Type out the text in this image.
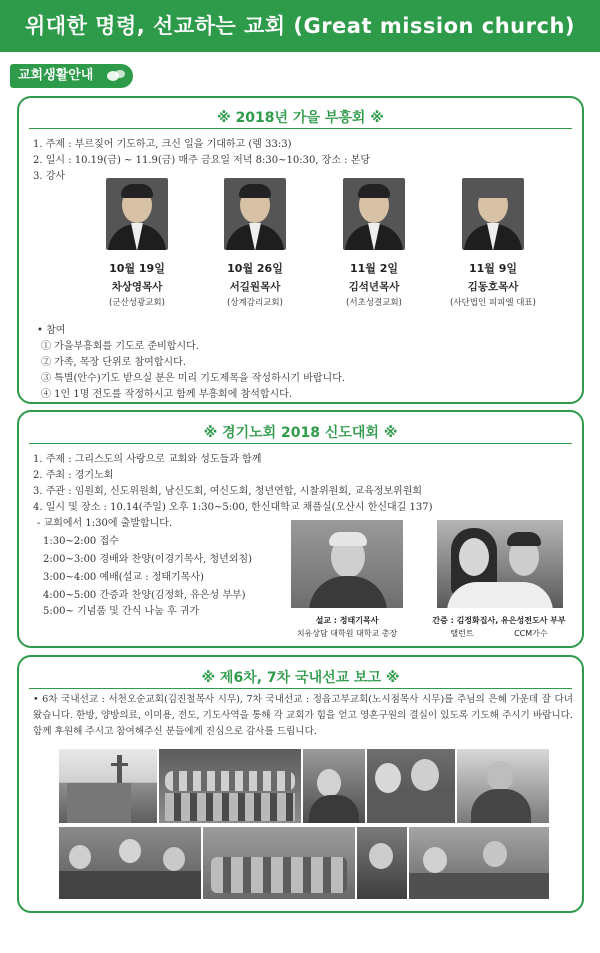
위대한 명령, 선교하는 교회 (Great mission church)
교회생활안내
※ 2018년 가을 부흥회 ※
1. 주제 : 부르짖어 기도하고, 크신 일을 기대하고 (렘 33:3)
2. 일시 : 10.19(금) ~ 11.9(금) 매주 금요일 저녁 8:30~10:30, 장소 : 본당
3. 강사
10월 19일
차상영목사
(군산성광교회)
10월 26일
서길원목사
(상계감리교회)
11월 2일
김석년목사
(서초성결교회)
11월 9일
김동호목사
(사단법인 피피엘 대표)
• 참여
① 가을부흥회를 기도로 준비합시다.
② 가족, 목장 단위로 참여합시다.
③ 특별(안수)기도 받으실 분은 미리 기도제목을 작성하시기 바랍니다.
④ 1인 1명 전도를 작정하시고 함께 부흥회에 참석합시다.
※ 경기노회 2018 신도대회 ※
1. 주제 : 그리스도의 사랑으로 교회와 성도들과 함께
2. 주최 : 경기노회
3. 주관 : 임원회, 신도위원회, 남신도회, 여신도회, 청년연합, 시찰위원회, 교육정보위원회
4. 일시 및 장소 : 10.14(주일) 오후 1:30~5:00, 한신대학교 채플실(오산시 한신대길 137)
- 교회에서 1:30에 출발합니다.
1:30~2:00 접수
2:00~3:00 경배와 찬양(이경기목사, 청년외침)
3:00~4:00 예배(설교 : 정태기목사)
4:00~5:00 간증과 찬양(김정화, 유은성 부부)
5:00~ 기념품 및 간식 나눔 후 귀가
설교 : 정태기목사
치유상담 대학원 대학교 총장
간증 : 김정화집사, 유은성전도사 부부
탤런트	CCM가수
※ 제6차, 7차 국내선교 보고 ※
• 6차 국내선교 : 서천오순교회(김진철목사 시무), 7차 국내선교 : 정읍고부교회(노시점목사 시무)를 주님의 은혜 가운데 잘 다녀왔습니다. 한방, 양방의료, 이미용, 전도, 기도사역을 통해 각 교회가 힘을 얻고 영혼구원의 결실이 있도록 기도해 주시기 바랍니다. 함께 후원해 주시고 참여해주신 분들에게 진심으로 감사를 드립니다.
